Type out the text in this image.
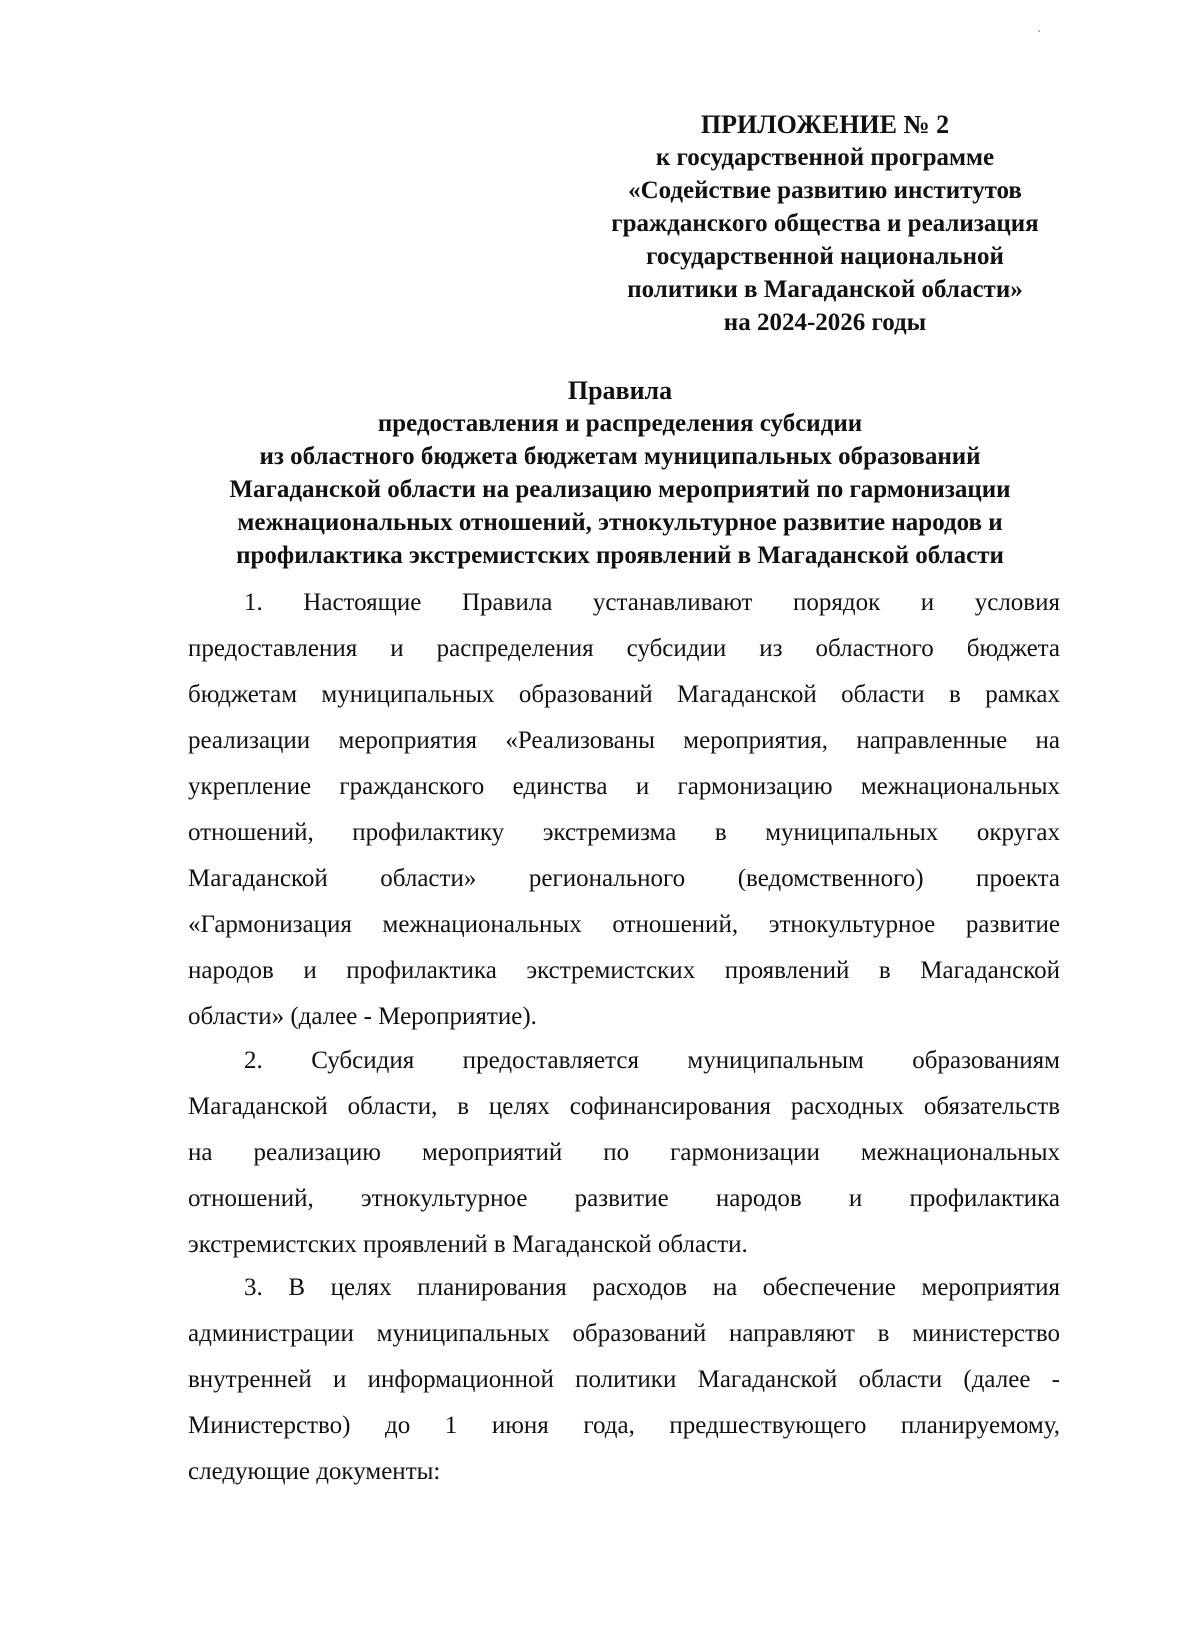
ПРИЛОЖЕНИЕ № 2
к государственной программе
«Содействие развитию институтов
гражданского общества и реализация
государственной национальной
политики в Магаданской области»
на 2024-2026 годы
Правила
предоставления и распределения субсидии
из областного бюджета бюджетам муниципальных образований
Магаданской области на реализацию мероприятий по гармонизации
межнациональных отношений, этнокультурное развитие народов и
профилактика экстремистских проявлений в Магаданской области
1. Настоящие Правила устанавливают порядок и условия
предоставления и распределения субсидии из областного бюджета
бюджетам муниципальных образований Магаданской области в рамках
реализации мероприятия «Реализованы мероприятия, направленные на
укрепление гражданского единства и гармонизацию межнациональных
отношений, профилактику экстремизма в муниципальных округах
Магаданской области» регионального (ведомственного) проекта
«Гармонизация межнациональных отношений, этнокультурное развитие
народов и профилактика экстремистских проявлений в Магаданской
области» (далее - Мероприятие).
2. Субсидия предоставляется муниципальным образованиям
Магаданской области, в целях софинансирования расходных обязательств
на реализацию мероприятий по гармонизации межнациональных
отношений, этнокультурное развитие народов и профилактика
экстремистских проявлений в Магаданской области.
3. В целях планирования расходов на обеспечение мероприятия
администрации муниципальных образований направляют в министерство
внутренней и информационной политики Магаданской области (далее -
Министерство) до 1 июня года, предшествующего планируемому,
следующие документы:
